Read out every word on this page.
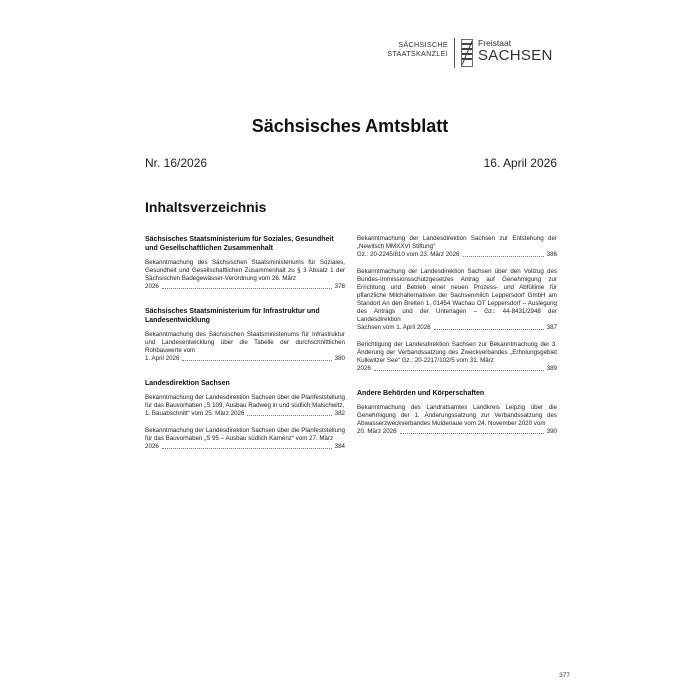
SÄCHSISCHE
STAATSKANZLEI
Freistaat
SACHSEN
Sächsisches Amtsblatt
Nr. 16/2026	16. April 2026
Inhaltsverzeichnis
Sächsisches Staatsministerium für Soziales, Gesundheit und Gesellschaftlichen Zusammenhalt
Bekanntmachung des Sächsischen Staatsministeriums für Soziales, Gesundheit und Gesellschaftlichen Zusammenhalt zu § 3 Absatz 1 der Sächsischen Badegewässer-Verordnung vom 26. März
2026	378
Sächsisches Staatsministerium für Infrastruktur und Landesentwicklung
Bekanntmachung des Sächsischen Staatsministeriums für Infrastruktur und Landesentwicklung über die Tabelle der durchschnittlichen Rohbauwerte vom
1. April 2026	380
Landesdirektion Sachsen
Bekanntmachung der Landesdirektion Sachsen über die Planfeststellung für das Bauvorhaben „S 109, Ausbau Radweg in und südlich Malschwitz,
1. Bauabschnitt“ vom 25. März 2026	382
Bekanntmachung der Landesdirektion Sachsen über die Planfeststellung für das Bauvorhaben „S 95 – Ausbau südlich Kamenz“ vom 27. März
2026	384
Bekanntmachung der Landesdirektion Sachsen zur Entstehung der „Newitsch MMXXVI Stiftung“
Gz.: 20-2245/810 vom 23. März 2026	386
Bekanntmachung der Landesdirektion Sachsen über den Vollzug des Bundes-Immissionsschutzgesetzes Antrag auf Genehmigung zur Errichtung und Betrieb einer neuen Prozess- und Abfüllinie für pflanzliche Milchalternativen der Sachsenmilch Leppersdorf GmbH am Standort An den Breiten 1, 01454 Wachau OT Leppersdorf – Auslegung des Antrags und der Unterlagen – Gz.: 44-8431/2948 der Landesdirektion
Sachsen vom 1. April 2026	387
Berichtigung der Landesdirektion Sachsen zur Bekanntmachung der 3. Änderung der Verbandssatzung des Zweckverbandes „Erholungsgebiet Kulkwitzer See“ Gz.: 20-2217/102/5 vom 31. März
2026	389
Andere Behörden und Körperschaften
Bekanntmachung des Landratsamtes Landkreis Leipzig über die Genehmigung der 1. Änderungssatzung zur Verbandssatzung des Abwasserzweckverbandes Muldenaue vom 24. November 2020 vom
20. März 2026	390
377
